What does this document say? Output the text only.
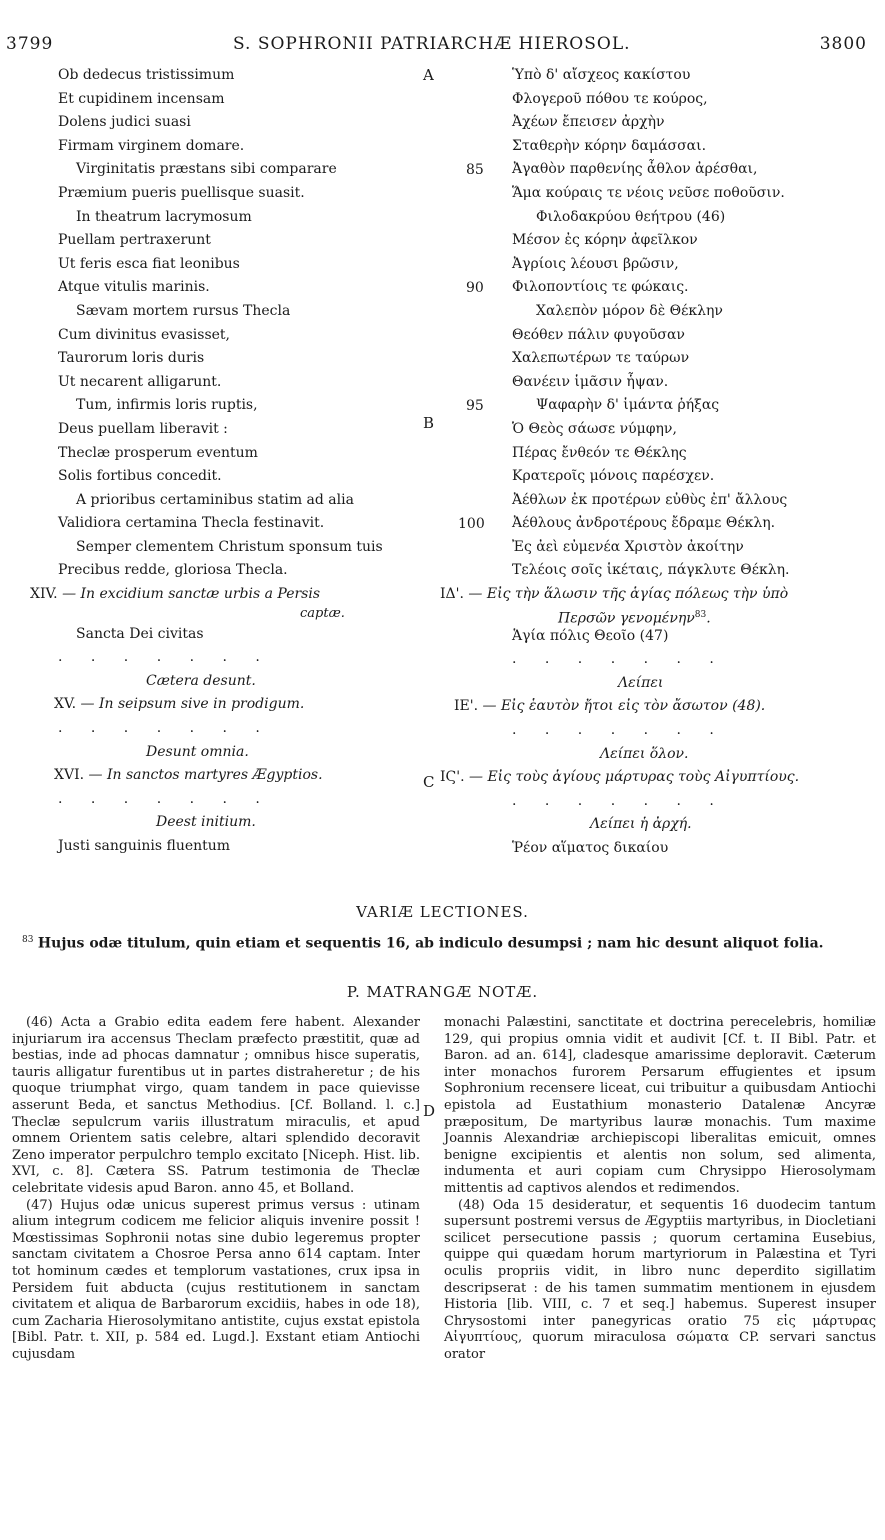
3799	S. SOPHRONII PATRIARCHÆ HIEROSOL.	3800
A
B
C
D
Ob dedecus tristissimum
Et cupidinem incensam
Dolens judici suasi
Firmam virginem domare.
Virginitatis præstans sibi comparare
Præmium pueris puellisque suasit.
In theatrum lacrymosum
Puellam pertraxerunt
Ut feris esca fiat leonibus
Atque vitulis marinis.
Sævam mortem rursus Thecla
Cum divinitus evasisset,
Taurorum loris duris
Ut necarent alligarunt.
Tum, infirmis loris ruptis,
Deus puellam liberavit :
Theclæ prosperum eventum
Solis fortibus concedit.
A prioribus certaminibus statim ad alia
Validiora certamina Thecla festinavit.
Semper clementem Christum sponsum tuis
Precibus redde, gloriosa Thecla.
XIV. — In excidium sanctæ urbis a Persis
captæ.
Sancta Dei civitas
. . . . . . .
Cætera desunt.
XV. — In seipsum sive in prodigum.
. . . . . . .
Desunt omnia.
XVI. — In sanctos martyres Ægyptios.
. . . . . . .
Deest initium.
Justi sanguinis fluentum
Ὑπὸ δ' αἴσχεος κακίστου
Φλογεροῦ πόθου τε κούρος,
Ἀχέων ἔπεισεν ἀρχὴν
Σταθερὴν κόρην δαμάσσαι.
Ἀγαθὸν παρθενίης ἆθλον ἀρέσθαι,
Ἅμα κούραις τε νέοις νεῦσε ποθοῦσιν.
Φιλοδακρύου θεήτρου (46)
Μέσον ἐς κόρην ἀφεῖλκον
Ἀγρίοις λέουσι βρῶσιν,
Φιλοποντίοις τε φώκαις.
Χαλεπὸν μόρον δὲ Θέκλην
Θεόθεν πάλιν φυγοῦσαν
Χαλεπωτέρων τε ταύρων
Θανέειν ἱμᾶσιν ἧψαν.
Ψαφαρὴν δ' ἱμάντα ῥήξας
Ὁ Θεὸς σάωσε νύμφην,
Πέρας ἔνθεόν τε Θέκλης
Κρατεροῖς μόνοις παρέσχεν.
Ἀέθλων ἐκ προτέρων εὐθὺς ἐπ' ἄλλους
Ἀέθλους ἀνδροτέρους ἔδραμε Θέκλη.
Ἐς ἀεὶ εὐμενέα Χριστὸν ἀκοίτην
Τελέοις σοῖς ἱκέταις, πάγκλυτε Θέκλη.
ΙΔ'. — Εἰς τὴν ἅλωσιν τῆς ἁγίας πόλεως τὴν ὑπὸ
Περσῶν γενομένην$^{83}$.
Ἁγία πόλις Θεοῖο (47)
. . . . . . .
Λείπει
ΙΕ'. — Εἰς ἑαυτὸν ἤτοι εἰς τὸν ἄσωτον (48).
. . . . . . .
Λείπει ὅλον.
ΙϚ'. — Εἰς τοὺς ἁγίους μάρτυρας τοὺς Αἰγυπτίους.
. . . . . . .
Λείπει ἡ ἀρχή.
Ῥέον αἵματος δικαίου
85
90
95
100
VARIÆ LECTIONES.
$^{83}$ Hujus odæ titulum, quin etiam et sequentis 16, ab indiculo desumpsi ; nam hic desunt aliquot folia.
P. MATRANGÆ NOTÆ.

(46) Acta a Grabio edita eadem fere habent. Alexander injuriarum ira accensus Theclam præfecto præstitit, quæ ad bestias, inde ad phocas damnatur ; omnibus hisce superatis, tauris alligatur furentibus ut in partes distraheretur ; de his quoque triumphat virgo, quam tandem in pace quievisse asserunt Beda, et sanctus Methodius. [Cf. Bolland. l. c.] Theclæ sepulcrum variis illustratum miraculis, et apud omnem Orientem satis celebre, altari splendido decoravit Zeno imperator perpulchro templo excitato [Niceph. Hist. lib. XVI, c. 8]. Cætera SS. Patrum testimonia de Theclæ celebritate videsis apud Baron. anno 45, et Bolland.

(47) Hujus odæ unicus superest primus versus : utinam alium integrum codicem me felicior aliquis invenire possit ! Mœstissimas Sophronii notas sine dubio legeremus propter sanctam civitatem a Chosroe Persa anno 614 captam. Inter tot hominum cædes et templorum vastationes, crux ipsa in Persidem fuit abducta (cujus restitutionem in sanctam civitatem et aliqua de Barbarorum excidiis, habes in ode 18), cum Zacharia Hierosolymitano antistite, cujus exstat epistola [Bibl. Patr. t. XII, p. 584 ed. Lugd.]. Exstant etiam Antiochi cujusdam

monachi Palæstini, sanctitate et doctrina perecelebris, homiliæ 129, qui propius omnia vidit et audivit [Cf. t. II Bibl. Patr. et Baron. ad an. 614], cladesque amarissime deploravit. Cæterum inter monachos furorem Persarum effugientes et ipsum Sophronium recensere liceat, cui tribuitur a quibusdam Antiochi epistola ad Eustathium monasterio Datalenæ Ancyræ præpositum, De martyribus lauræ monachis. Tum maxime Joannis Alexandriæ archiepiscopi liberalitas emicuit, omnes benigne excipientis et alentis non solum, sed alimenta, indumenta et auri copiam cum Chrysippo Hierosolymam mittentis ad captivos alendos et redimendos.

(48) Oda 15 desideratur, et sequentis 16 duodecim tantum supersunt postremi versus de Ægyptiis martyribus, in Diocletiani scilicet persecutione passis ; quorum certamina Eusebius, quippe qui quædam horum martyriorum in Palæstina et Tyri oculis propriis vidit, in libro nunc deperdito sigillatim descripserat : de his tamen summatim mentionem in ejusdem Historia [lib. VIII, c. 7 et seq.] habemus. Superest insuper Chrysostomi inter panegyricas oratio 75 εἰς μάρτυρας Αἰγυπτίους, quorum miraculosa σώματα CP. servari sanctus orator
